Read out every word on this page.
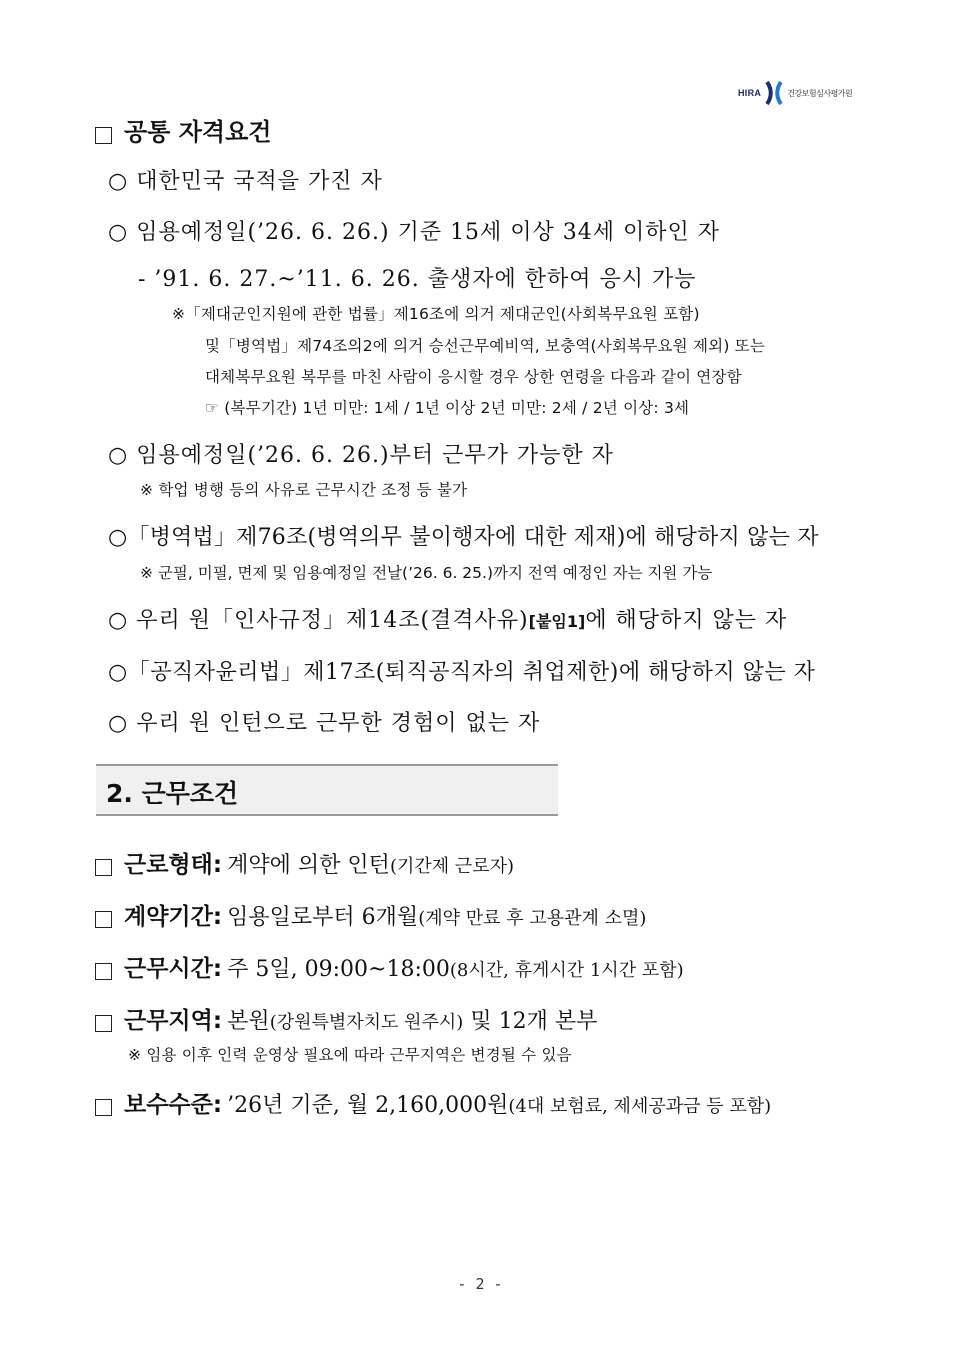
HIRA	건강보험심사평가원
공통 자격요건
○ 대한민국 국적을 가진 자
○ 임용예정일(’26. 6. 26.) 기준 15세 이상 34세 이하인 자
- ’91. 6. 27.~’11. 6. 26. 출생자에 한하여 응시 가능
※「제대군인지원에 관한 법률」제16조에 의거 제대군인(사회복무요원 포함)
및「병역법」제74조의2에 의거 승선근무예비역, 보충역(사회복무요원 제외) 또는
대체복무요원 복무를 마친 사람이 응시할 경우 상한 연령을 다음과 같이 연장함
☞ (복무기간) 1년 미만: 1세 / 1년 이상 2년 미만: 2세 / 2년 이상: 3세
○ 임용예정일(’26. 6. 26.)부터 근무가 가능한 자
※ 학업 병행 등의 사유로 근무시간 조정 등 불가
○「병역법」제76조(병역의무 불이행자에 대한 제재)에 해당하지 않는 자
※ 군필, 미필, 면제 및 임용예정일 전날(’26. 6. 25.)까지 전역 예정인 자는 지원 가능
○ 우리 원「인사규정」제14조(결격사유)[붙임1]에 해당하지 않는 자
○「공직자윤리법」제17조(퇴직공직자의 취업제한)에 해당하지 않는 자
○ 우리 원 인턴으로 근무한 경험이 없는 자
2. 근무조건
근로형태: 계약에 의한 인턴(기간제 근로자)
계약기간: 임용일로부터 6개월(계약 만료 후 고용관계 소멸)
근무시간: 주 5일, 09:00~18:00(8시간, 휴게시간 1시간 포함)
근무지역: 본원(강원특별자치도 원주시) 및 12개 본부
※ 임용 이후 인력 운영상 필요에 따라 근무지역은 변경될 수 있음
보수수준: ’26년 기준, 월 2,160,000원(4대 보험료, 제세공과금 등 포함)
- 2 -
